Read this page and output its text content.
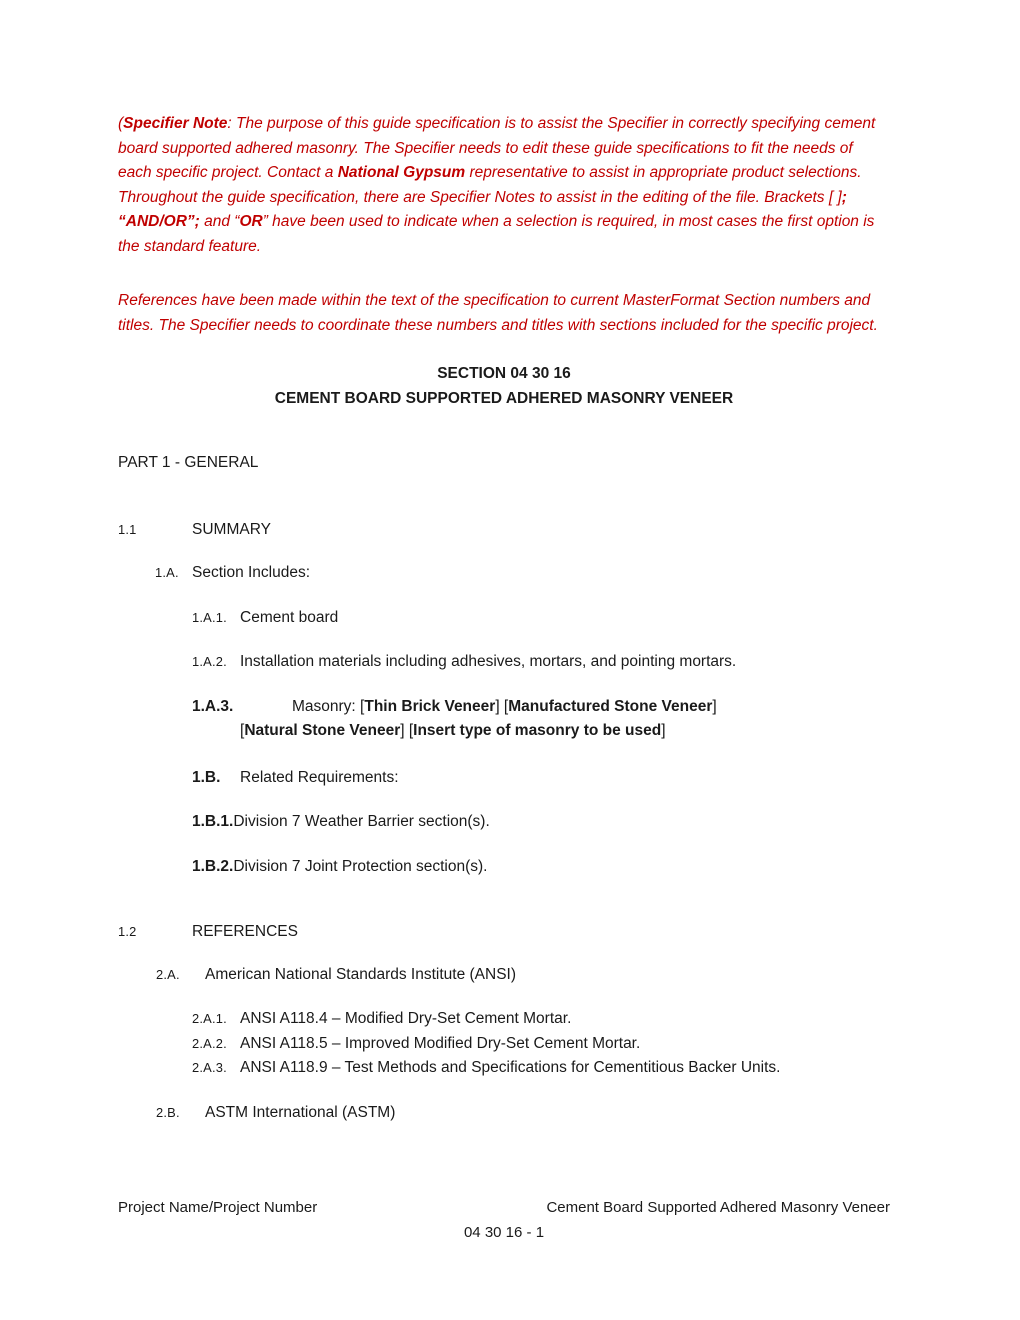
(Specifier Note: The purpose of this guide specification is to assist the Specifier in correctly specifying cement board supported adhered masonry. The Specifier needs to edit these guide specifications to fit the needs of each specific project. Contact a National Gypsum representative to assist in appropriate product selections.  Throughout the guide specification, there are Specifier Notes to assist in the editing of the file. Brackets [ ]; “AND/OR”; and “OR” have been used to indicate when a selection is required, in most cases the first option is the standard feature.

References have been made within the text of the specification to current MasterFormat Section numbers and titles. The Specifier needs to coordinate these numbers and titles with sections included for the specific project.

SECTION 04 30 16
CEMENT BOARD SUPPORTED ADHERED MASONRY VENEER
PART 1 - GENERAL
1.1	SUMMARY
1.A. Section Includes:
1.A.1. Cement board
1.A.2. Installation materials including adhesives, mortars, and pointing mortars.
1.A.3.	Masonry: [Thin Brick Veneer] [Manufactured Stone Veneer]
[Natural Stone Veneer] [Insert type of masonry to be used]
1.B.	Related Requirements:
1.B.1.Division 7 Weather Barrier section(s).
1.B.2.Division 7 Joint Protection section(s).
1.2	REFERENCES
2.A.	American National Standards Institute (ANSI)
2.A.1. ANSI A118.4 – Modified Dry-Set Cement Mortar.
2.A.2. ANSI A118.5 – Improved Modified Dry-Set Cement Mortar.
2.A.3. ANSI A118.9 – Test Methods and Specifications for Cementitious Backer Units.
2.B.	ASTM International (ASTM)
Project Name/Project Number	Cement Board Supported Adhered Masonry Veneer
04 30 16 - 1
